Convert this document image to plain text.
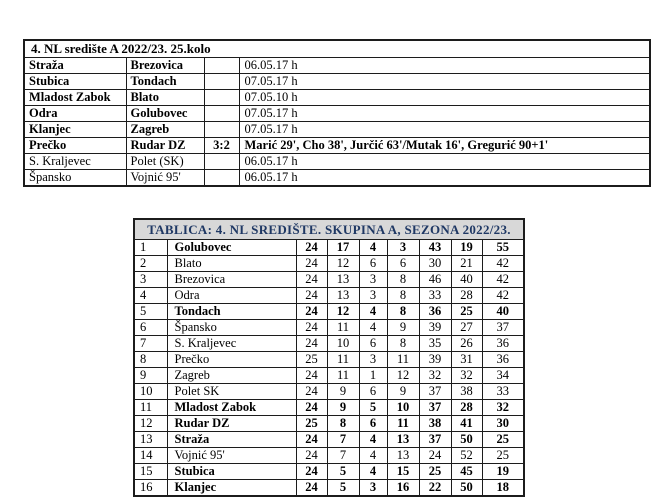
4. NL središte A 2022/23. 25.kolo			
Straža	Brezovica		06.05.17 h
Stubica	Tondach		07.05.17 h
Mladost Zabok	Blato		07.05.10 h
Odra	Golubovec		07.05.17 h
Klanjec	Zagreb		07.05.17 h
Prečko	Rudar DZ	3:2	Marić 29', Cho 38', Jurčić 63'/Mutak 16', Gregurić 90+1'
S. Kraljevec	Polet (SK)		06.05.17 h
Špansko	Vojnić 95'		06.05.17 h
TABLICA: 4. NL SREDIŠTE. SKUPINA A, SEZONA 2022/23.								
1	Golubovec	24	17	4	3	43	19	55
2	Blato	24	12	6	6	30	21	42
3	Brezovica	24	13	3	8	46	40	42
4	Odra	24	13	3	8	33	28	42
5	Tondach	24	12	4	8	36	25	40
6	Špansko	24	11	4	9	39	27	37
7	S. Kraljevec	24	10	6	8	35	26	36
8	Prečko	25	11	3	11	39	31	36
9	Zagreb	24	11	1	12	32	32	34
10	Polet SK	24	9	6	9	37	38	33
11	Mladost Zabok	24	9	5	10	37	28	32
12	Rudar DZ	25	8	6	11	38	41	30
13	Straža	24	7	4	13	37	50	25
14	Vojnić 95'	24	7	4	13	24	52	25
15	Stubica	24	5	4	15	25	45	19
16	Klanjec	24	5	3	16	22	50	18
